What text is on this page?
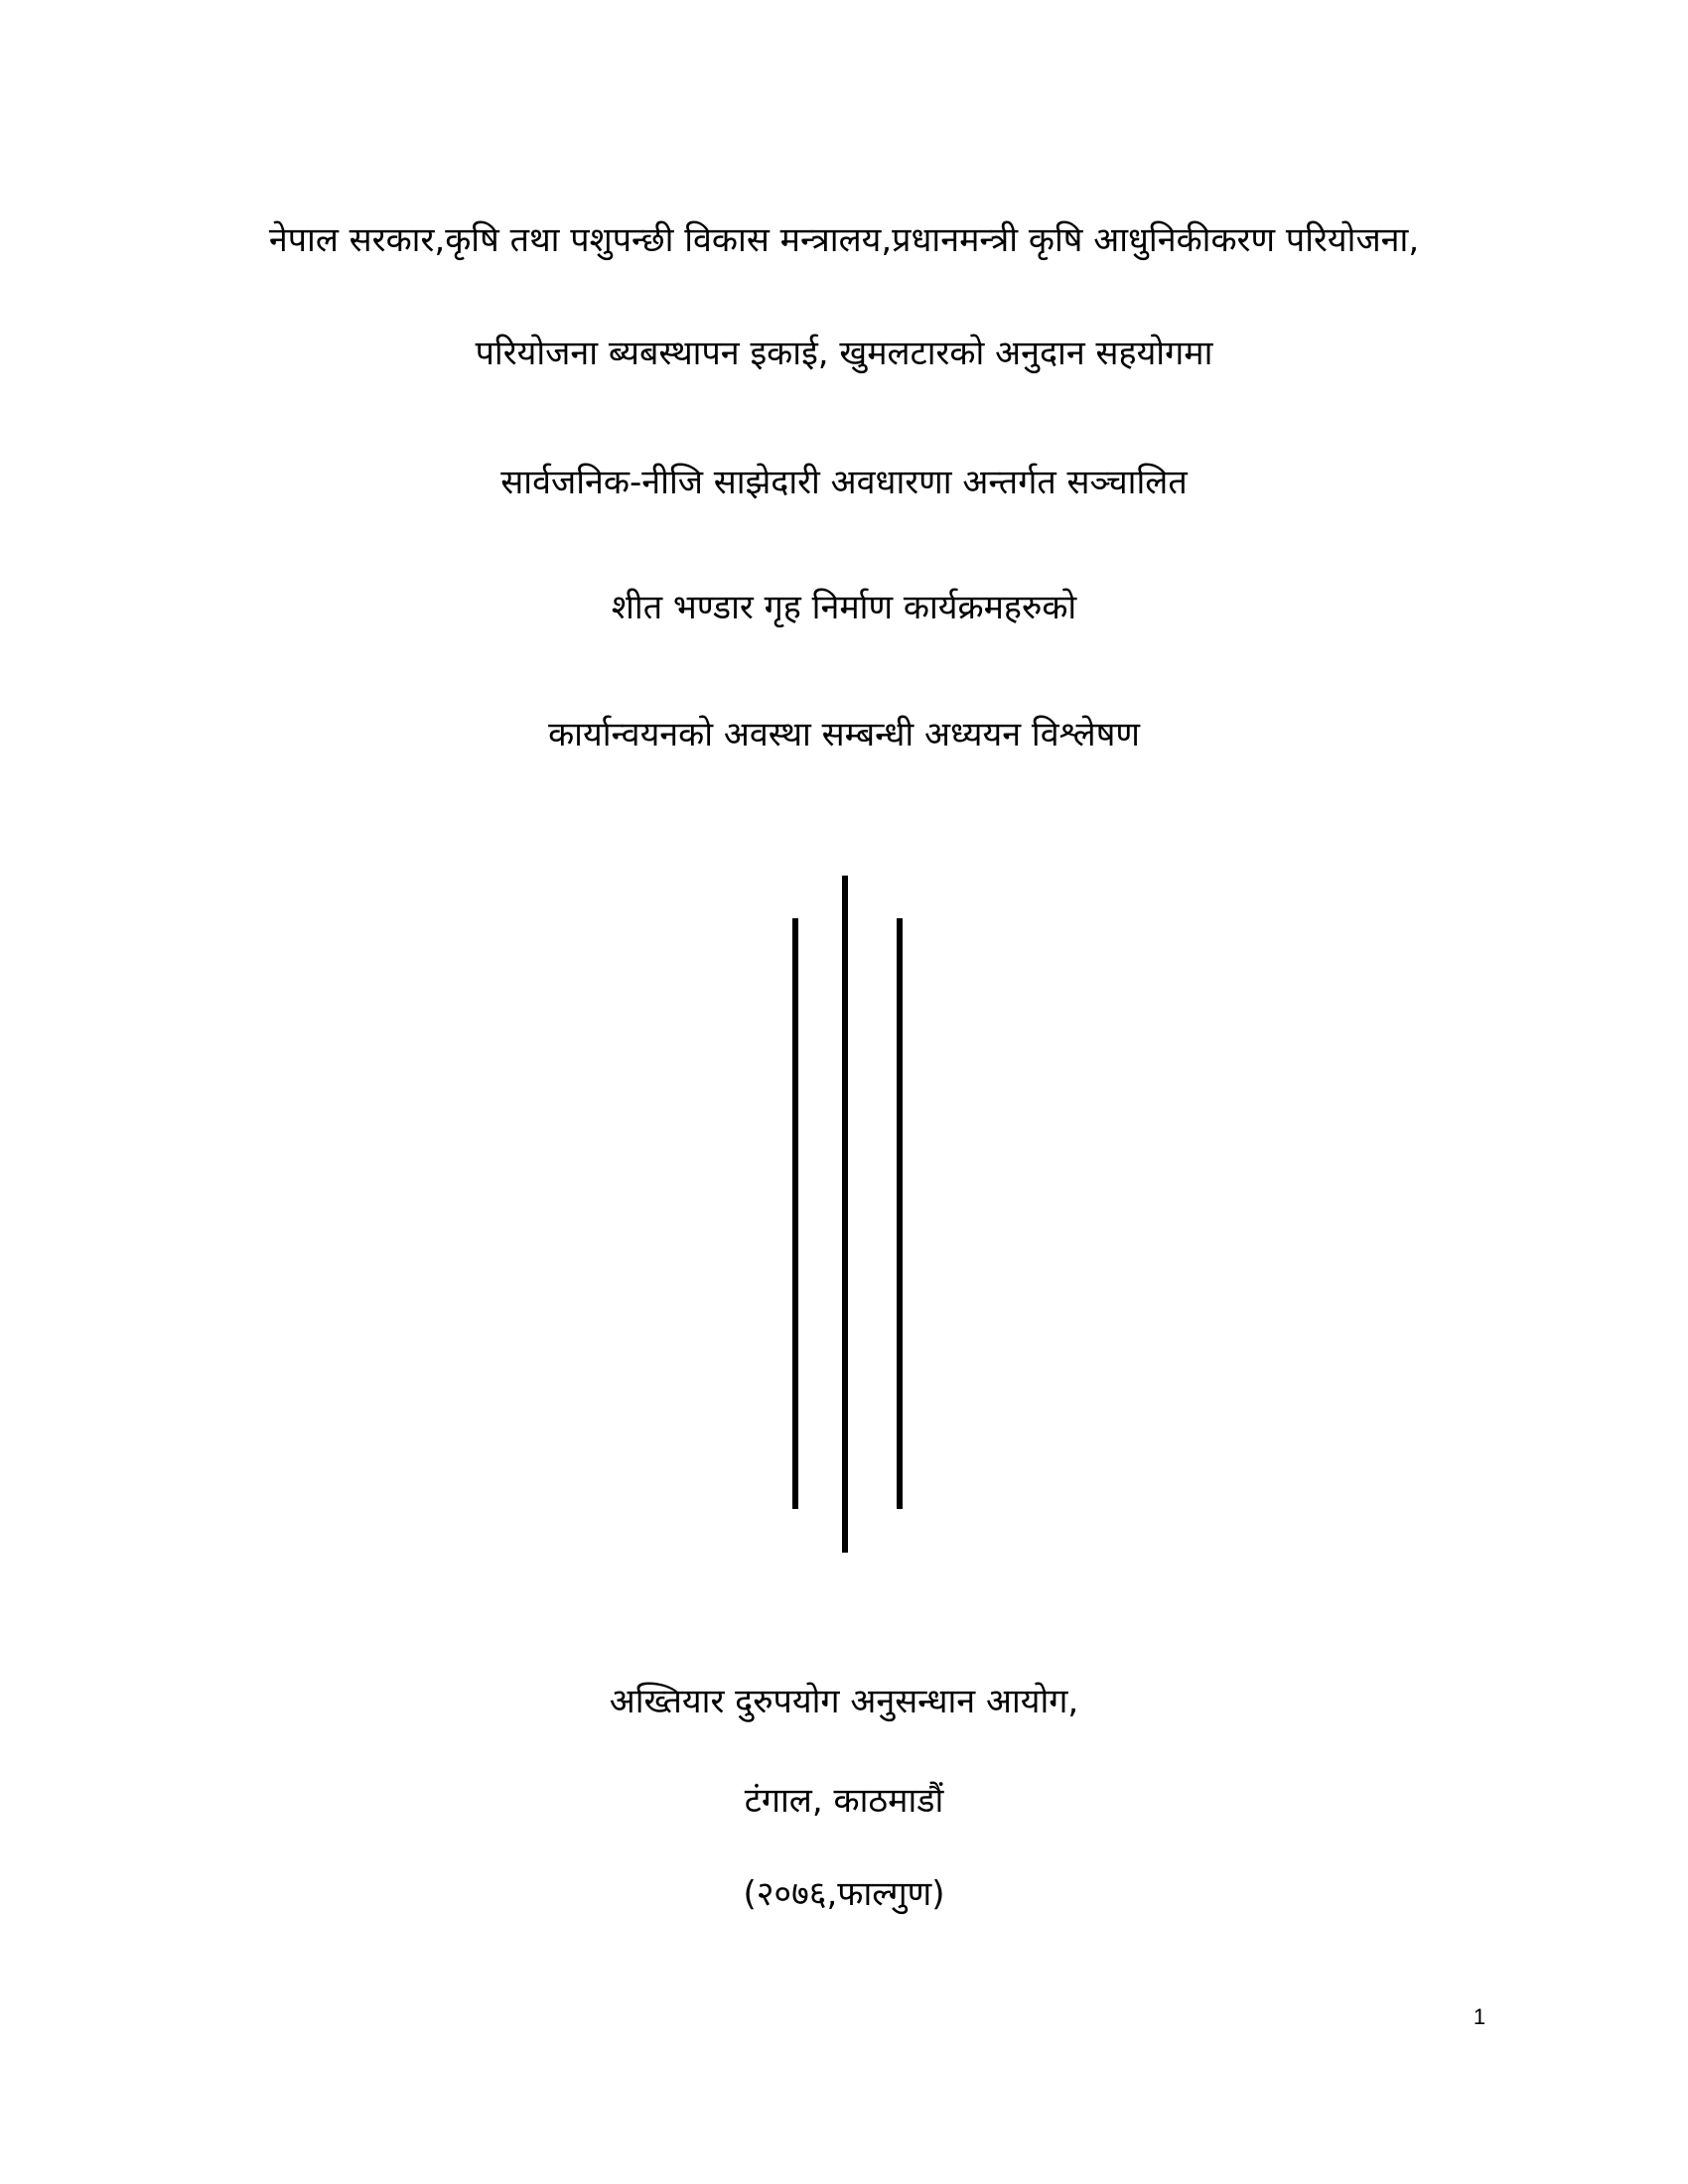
नेपाल सरकार,कृषि तथा पशुपन्छी विकास मन्त्रालय,प्रधानमन्त्री कृषि आधुनिकीकरण परियोजना,
परियोजना ब्यबस्थापन इकाई, खुमलटारको अनुदान सहयोगमा
सार्वजनिक-नीजि साझेदारी अवधारणा अन्तर्गत सञ्चालित
शीत भण्डार गृह निर्माण कार्यक्रमहरुको
कार्यान्वयनको अवस्था सम्बन्धी अध्ययन विश्लेषण
अख्तियार दुरुपयोग अनुसन्धान आयोग,
टंगाल, काठमाडौं
(२०७६,फाल्गुण)
1
